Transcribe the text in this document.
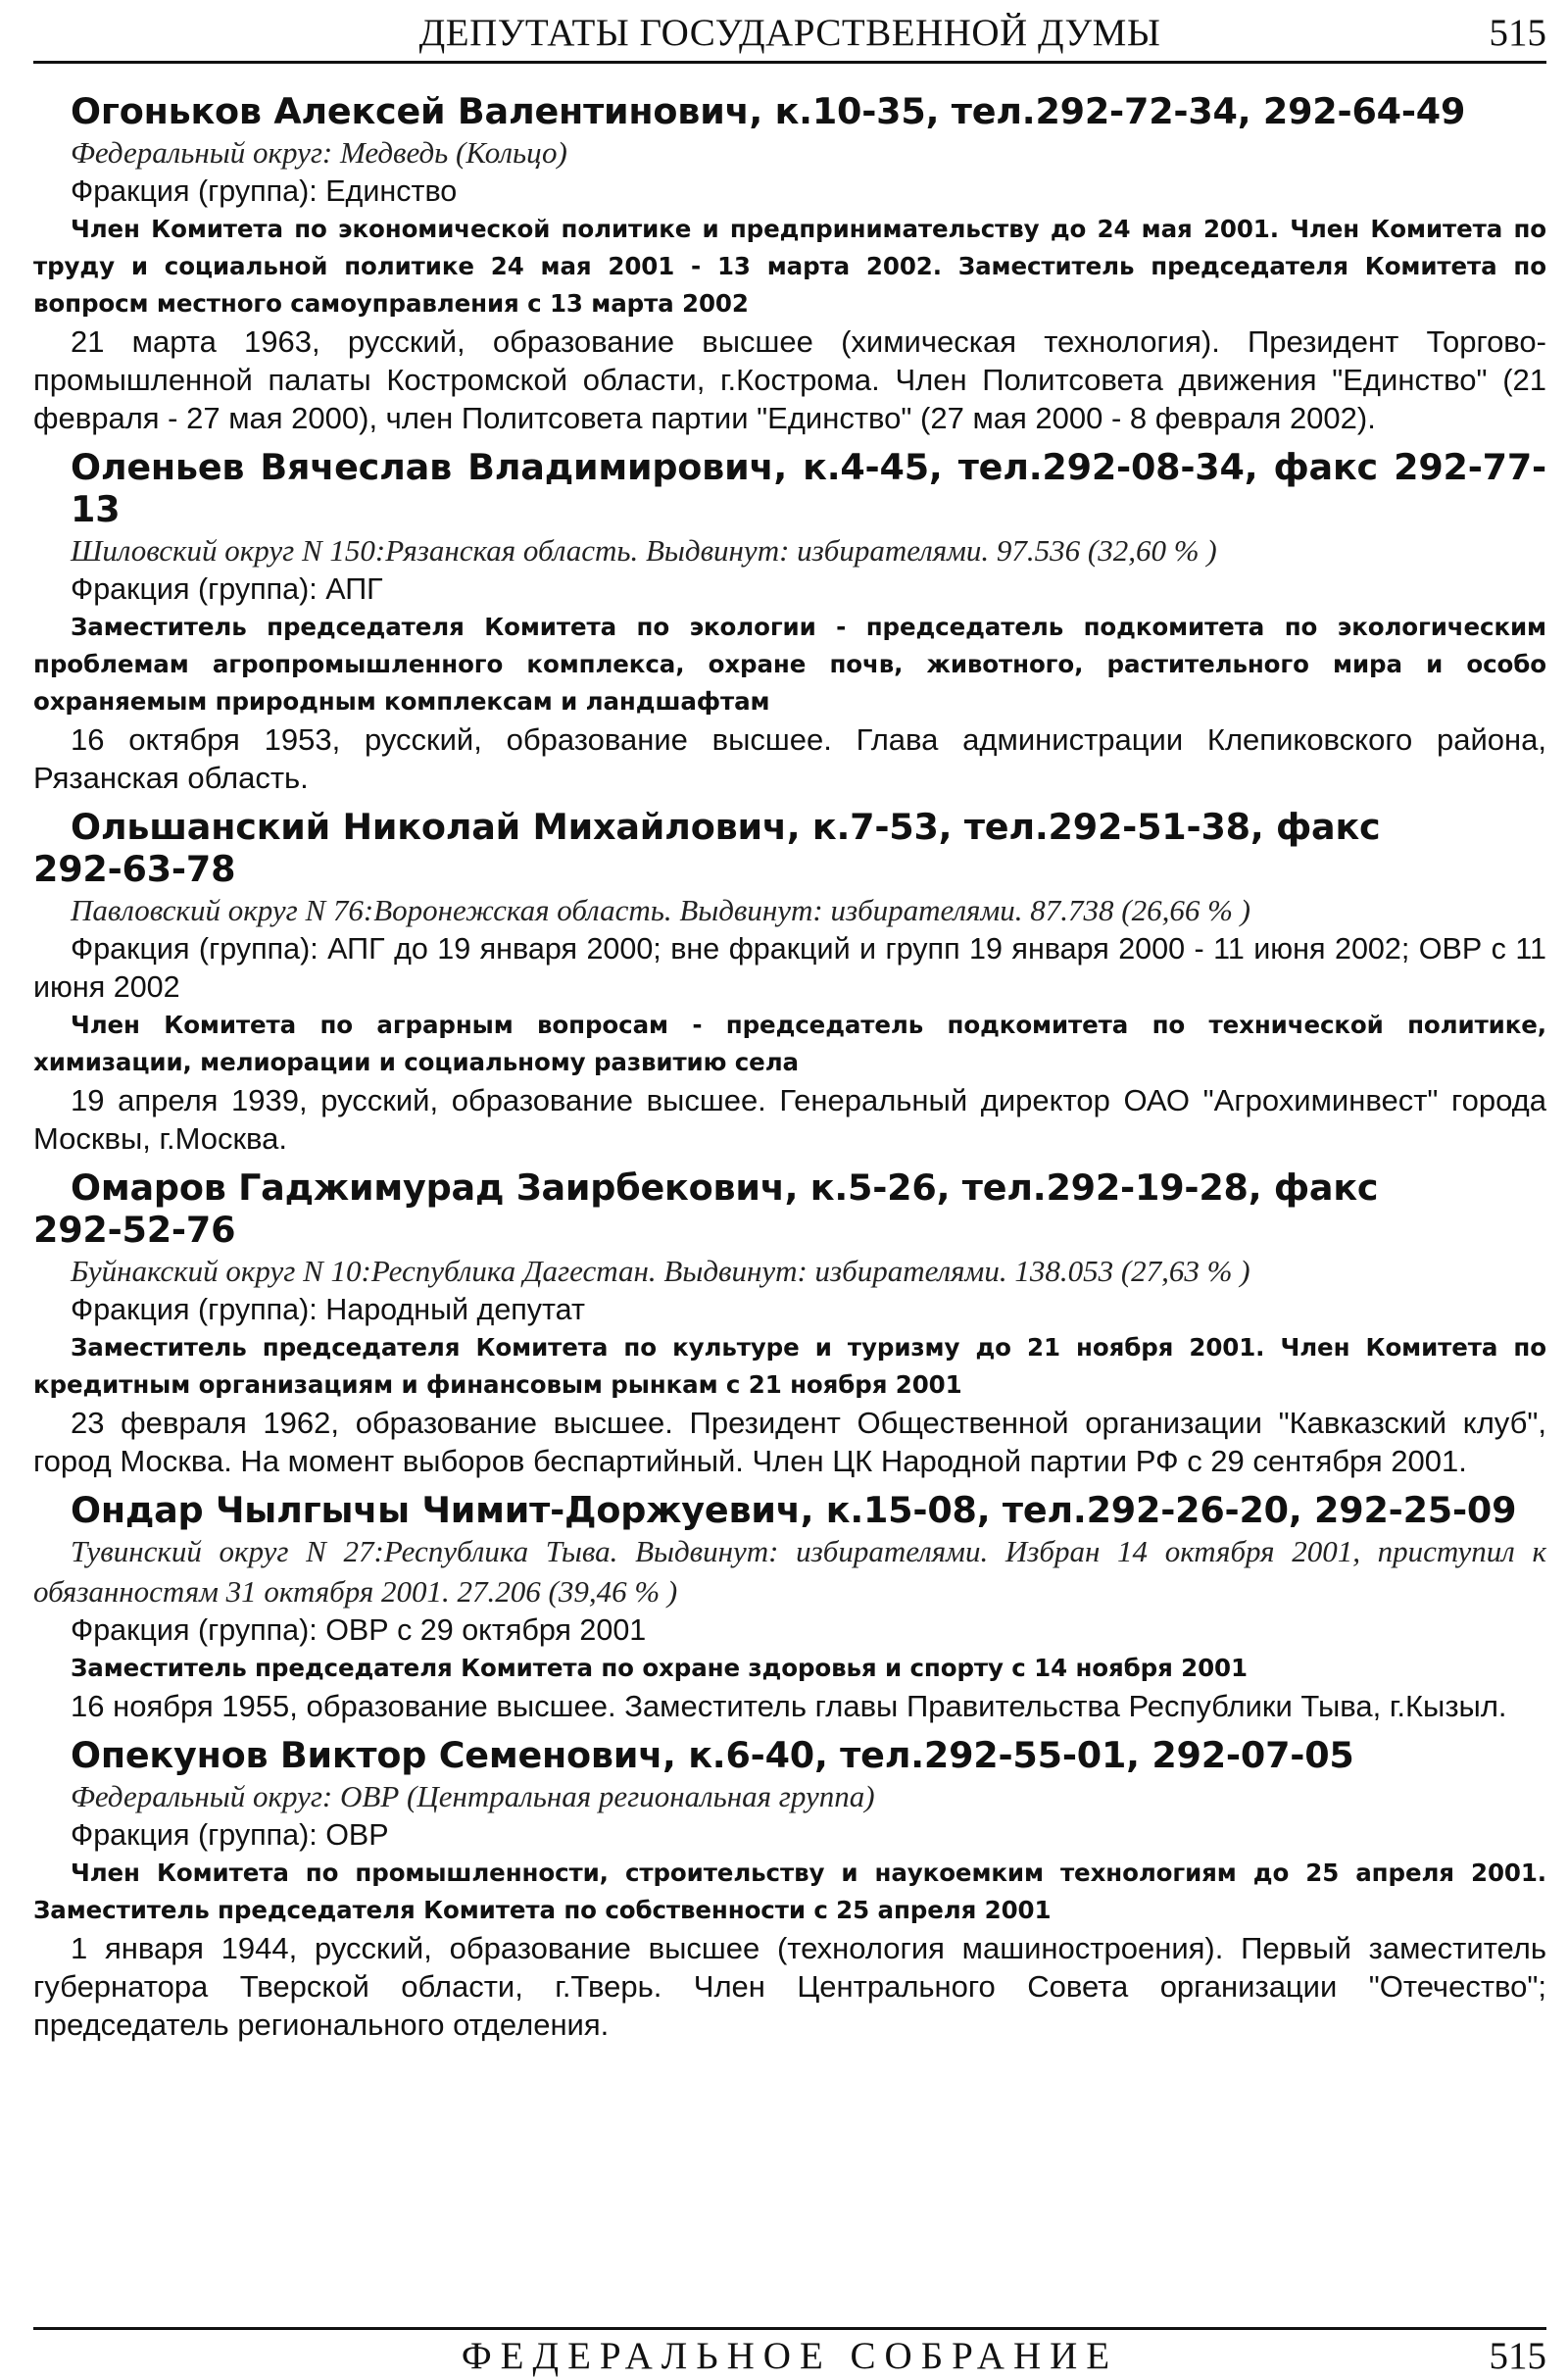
ДЕПУТАТЫ ГОСУДАРСТВЕННОЙ ДУМЫ	515
Огоньков Алексей Валентинович, к.10-35, тел.292-72-34, 292-64-49
Федеральный округ: Медведь (Кольцо)
Фракция (группа): Единство
Член Комитета по экономической политике и предпринимательству до 24 мая 2001. Член Комитета по труду и социальной политике 24 мая 2001 - 13 марта 2002. Заместитель председателя Комитета по вопросм местного самоуправления с 13 марта 2002
21 марта 1963, русский, образование высшее (химическая технология). Президент Торгово-промышленной палаты Костромской области, г.Кострома. Член Политсовета движения "Единство" (21 февраля - 27 мая 2000), член Политсовета партии "Единство" (27 мая 2000 - 8 февраля 2002).
Оленьев Вячеслав Владимирович, к.4-45, тел.292-08-34, факс 292-77-13
Шиловский округ N 150:Рязанская область. Выдвинут: избирателями. 97.536 (32,60 % )
Фракция (группа): АПГ
Заместитель председателя Комитета по экологии - председатель подкомитета по экологическим проблемам агропромышленного комплекса, охране почв, животного, растительного мира и особо охраняемым природным комплексам и ландшафтам
16 октября 1953, русский, образование высшее. Глава администрации Клепиковского района, Рязанская область.
Ольшанский Николай Михайлович, к.7-53, тел.292-51-38, факс
292-63-78
Павловский округ N 76:Воронежская область. Выдвинут: избирателями. 87.738 (26,66 % )
Фракция (группа): АПГ до 19 января 2000; вне фракций и групп 19 января 2000 - 11 июня 2002; ОВР с 11 июня 2002
Член Комитета по аграрным вопросам - председатель подкомитета по технической политике, химизации, мелиорации и социальному развитию села
19 апреля 1939, русский, образование высшее. Генеральный директор ОАО "Агрохиминвест" города Москвы, г.Москва.
Омаров Гаджимурад Заирбекович, к.5-26, тел.292-19-28, факс
292-52-76
Буйнакский округ N 10:Республика Дагестан. Выдвинут: избирателями. 138.053 (27,63 % )
Фракция (группа): Народный депутат
Заместитель председателя Комитета по культуре и туризму до 21 ноября 2001. Член Комитета по кредитным организациям и финансовым рынкам с 21 ноября 2001
23 февраля 1962, образование высшее. Президент Общественной организации "Кавказский клуб", город Москва. На момент выборов беспартийный. Член ЦК Народной партии РФ с 29 сентября 2001.
Ондар Чылгычы Чимит-Доржуевич, к.15-08, тел.292-26-20, 292-25-09
Тувинский округ N 27:Республика Тыва. Выдвинут: избирателями. Избран 14 октября 2001, приступил к обязанностям 31 октября 2001. 27.206 (39,46 % )
Фракция (группа): ОВР с 29 октября 2001
Заместитель председателя Комитета по охране здоровья и спорту с 14 ноября 2001
16 ноября 1955, образование высшее. Заместитель главы Правительства Республики Тыва, г.Кызыл.
Опекунов Виктор Семенович, к.6-40, тел.292-55-01, 292-07-05
Федеральный округ: ОВР (Центральная региональная группа)
Фракция (группа): ОВР
Член Комитета по промышленности, строительству и наукоемким технологиям до 25 апреля 2001. Заместитель председателя Комитета по собственности с 25 апреля 2001
1 января 1944, русский, образование высшее (технология машиностроения). Первый заместитель губернатора Тверской области, г.Тверь. Член Центрального Совета организации "Отечество"; председатель регионального отделения.
ФЕДЕРАЛЬНОЕ СОБРАНИЕ	515
